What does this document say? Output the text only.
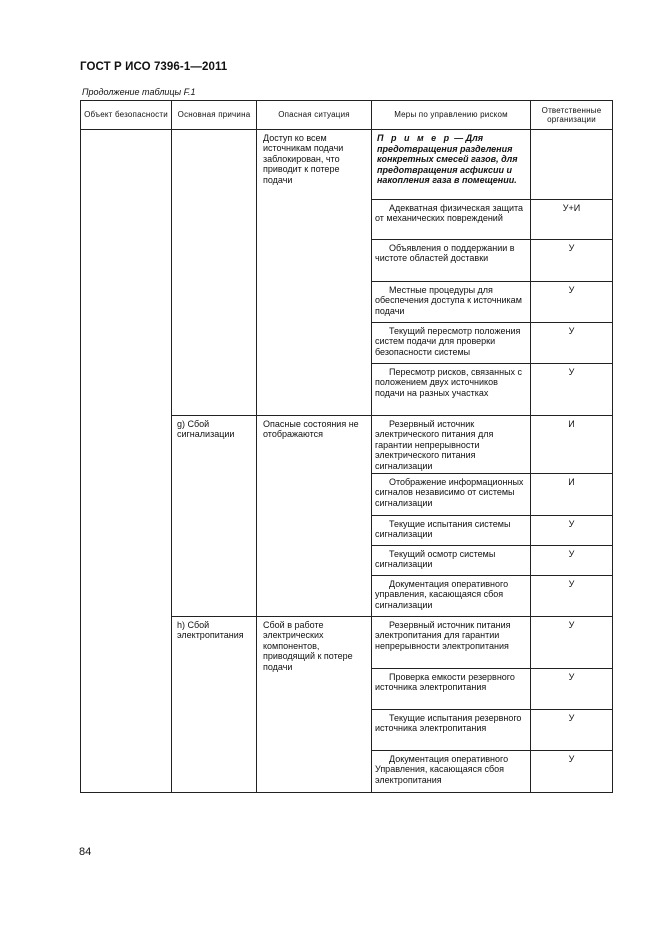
ГОСТ Р ИСО 7396-1—2011
Продолжение таблицы F.1
Объект безопасности	Основная причина	Опасная ситуация	Меры по управлению риском	Ответственные организации
		Доступ ко всем источникам подачи заблокирован, что приводит к потере подачи	П р и м е р — Для предотвращения разделения конкретных смесей газов, для предотвращения асфиксии и накопления газа в помещении.	
			Адекватная физическая защита от механических повреждений	У+И
			Объявления о поддержании в чистоте областей доставки	У
			Местные процедуры для обеспечения доступа к источникам подачи	У
			Текущий пересмотр положения систем подачи для проверки безопасности системы	У
			Пересмотр рисков, связанных с положением двух источников подачи на разных участках	У
	g) Сбой сигнализации	Опасные состояния не отображаются	Резервный источник электрического питания для гарантии непрерывности электрического питания сигнализации	И
			Отображение информационных сигналов независимо от системы сигнализации	И
			Текущие испытания системы сигнализации	У
			Текущий осмотр системы сигнализации	У
			Документация оперативного управления, касающаяся сбоя сигнализации	У
	h) Сбой электропитания	Сбой в работе электрических компонентов, приводящий к потере подачи	Резервный источник питания электропитания для гарантии непрерывности электропитания	У
			Проверка емкости резервного источника электропитания	У
			Текущие испытания резервного источника электропитания	У
			Документация оперативного Управления, касающаяся сбоя электропитания	У
84
